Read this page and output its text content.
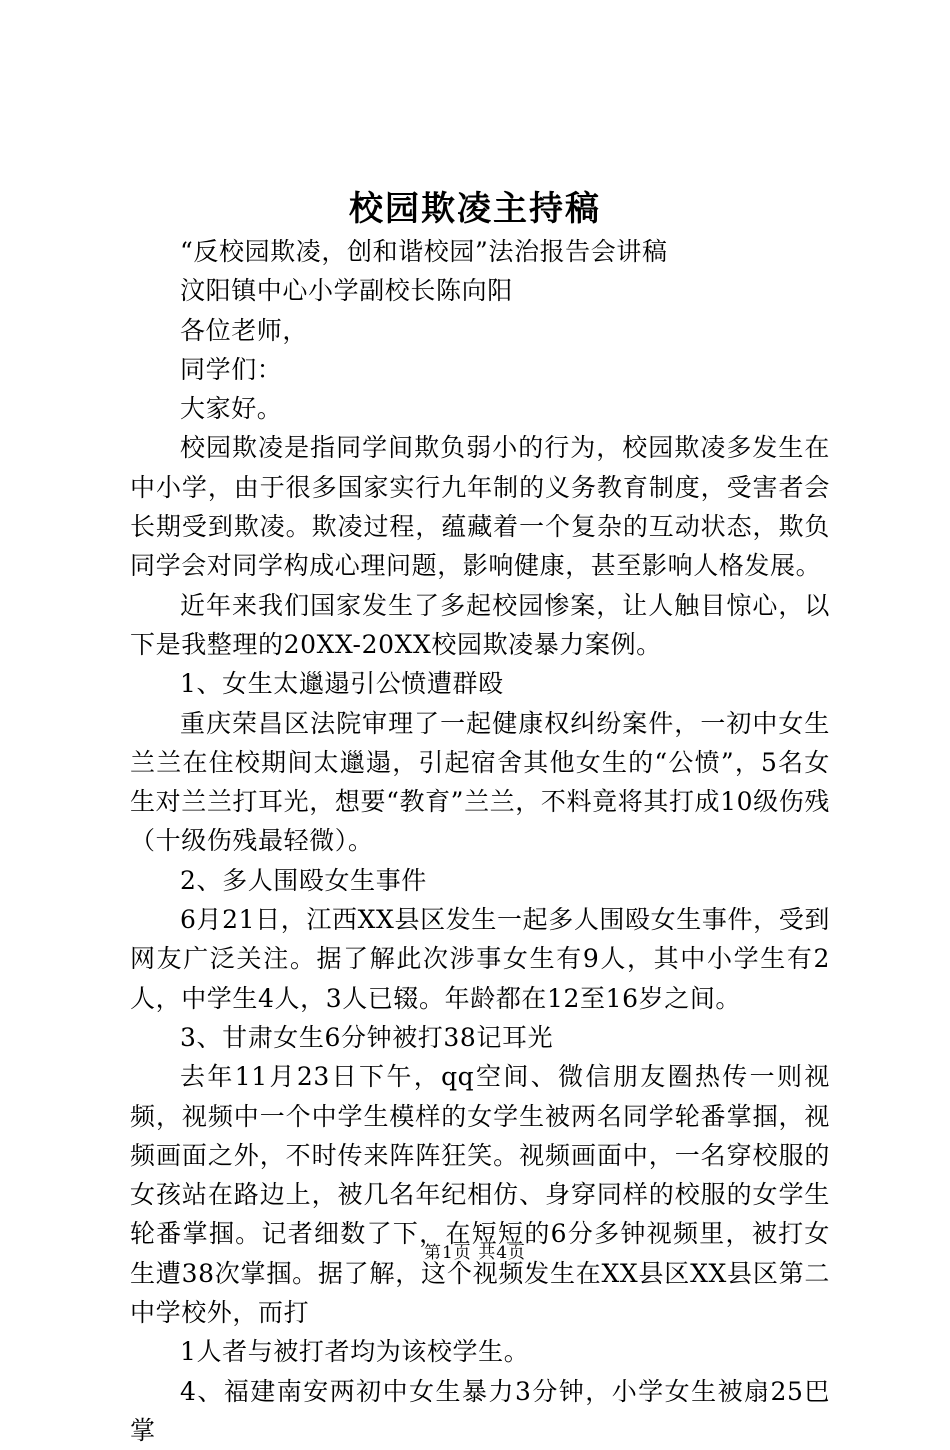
校园欺凌主持稿

“反校园欺凌，创和谐校园”法治报告会讲稿

汶阳镇中心小学副校长陈向阳

各位老师，

同学们：

大家好。

校园欺凌是指同学间欺负弱小的行为，校园欺凌多发生在中小学，由于很多国家实行九年制的义务教育制度，受害者会长期受到欺凌。欺凌过程，蕴藏着一个复杂的互动状态，欺负同学会对同学构成心理问题，影响健康，甚至影响人格发展。

近年来我们国家发生了多起校园惨案，让人触目惊心，以下是我整理的20XX-20XX校园欺凌暴力案例。

1、女生太邋遢引公愤遭群殴

重庆荣昌区法院审理了一起健康权纠纷案件，一初中女生兰兰在住校期间太邋遢，引起宿舍其他女生的“公愤”，5名女生对兰兰打耳光，想要“教育”兰兰，不料竟将其打成10级伤残（十级伤残最轻微）。

2、多人围殴女生事件

6月21日，江西XX县区发生一起多人围殴女生事件，受到网友广泛关注。据了解此次涉事女生有9人，其中小学生有2人，中学生4人，3人已辍。年龄都在12至16岁之间。

3、甘肃女生6分钟被打38记耳光

去年11月23日下午，qq空间、微信朋友圈热传一则视频，视频中一个中学生模样的女学生被两名同学轮番掌掴，视频画面之外，不时传来阵阵狂笑。视频画面中，一名穿校服的女孩站在路边上，被几名年纪相仿、身穿同样的校服的女学生轮番掌掴。记者细数了下，在短短的6分多钟视频里，被打女生遭38次掌掴。据了解，这个视频发生在XX县区XX县区第二中学校外，而打

1人者与被打者均为该校学生。

4、福建南安两初中女生暴力3分钟，小学女生被扇25巴掌

第1页 共4页
